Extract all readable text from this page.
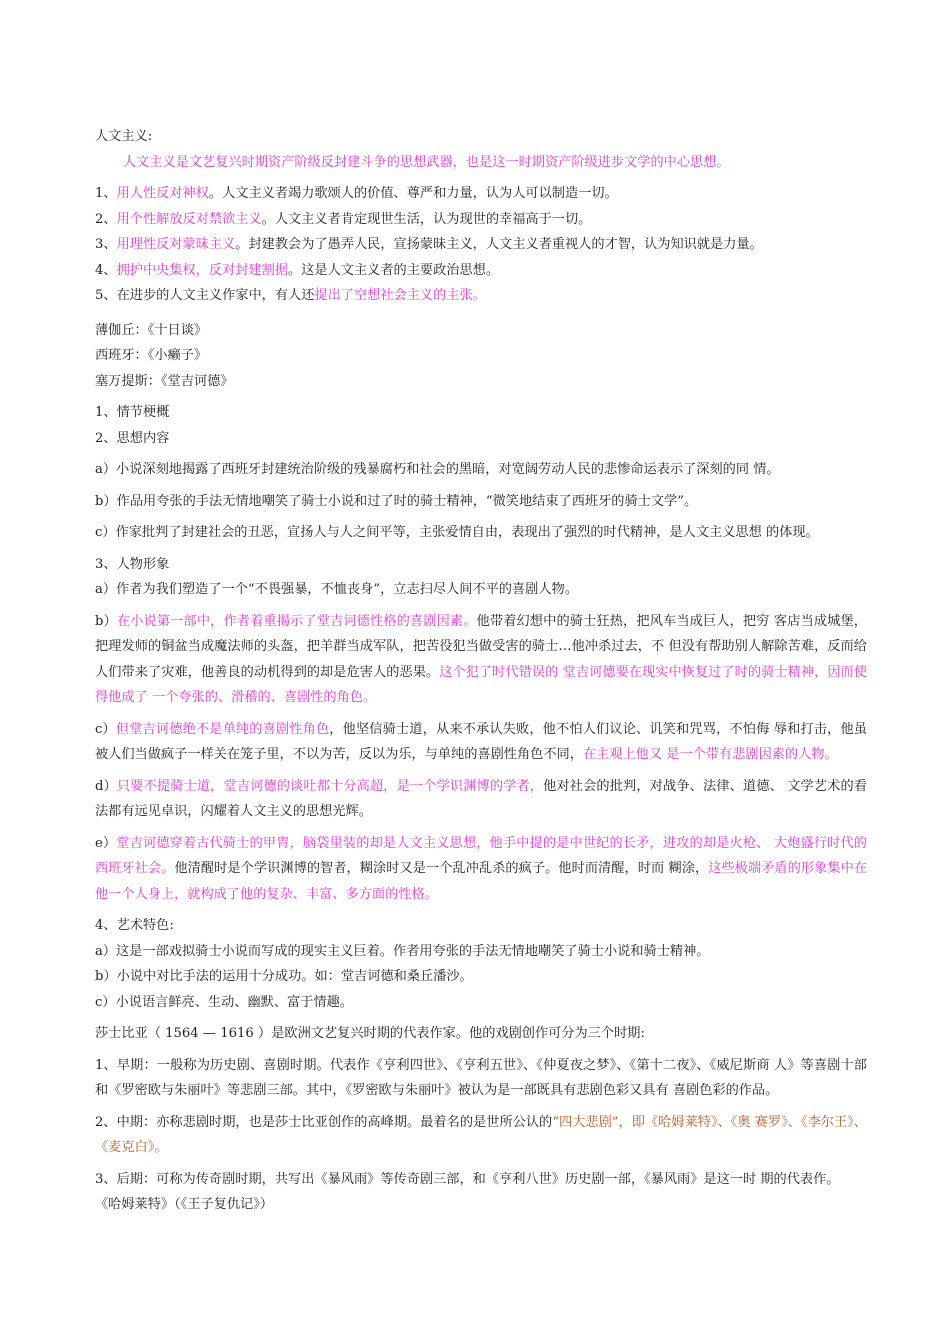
人文主义:

人文主义是文艺复兴时期资产阶级反封建斗争的思想武器，也是这一时期资产阶级进步文学的中心思想。

1、用人性反对神权。人文主义者竭力歌颂人的价值、尊严和力量，认为人可以制造一切。

2、用个性解放反对禁欲主义。人文主义者肯定现世生活，认为现世的幸福高于一切。

3、用理性反对蒙昧主义。封建教会为了愚弄人民，宣扬蒙昧主义，人文主义者重视人的才智，认为知识就是力量。

4、拥护中央集权，反对封建割据。这是人文主义者的主要政治思想。

5、在进步的人文主义作家中，有人还提出了空想社会主义的主张。

薄伽丘：《十日谈》

西班牙：《小癞子》

塞万提斯：《堂吉诃德》

1、情节梗概

2、思想内容

a）小说深刻地揭露了西班牙封建统治阶级的残暴腐朽和社会的黑暗，对宽阔劳动人民的悲惨命运表示了深刻的同 情。

b）作品用夸张的手法无情地嘲笑了骑士小说和过了时的骑士精神，“微笑地结束了西班牙的骑士文学”。

c）作家批判了封建社会的丑恶，宣扬人与人之间平等，主张爱情自由，表现出了强烈的时代精神，是人文主义思想 的体现。

3、人物形象

a）作者为我们塑造了一个“不畏强暴，不恤丧身”，立志扫尽人间不平的喜剧人物。

b）在小说第一部中，作者着重揭示了堂吉诃德性格的喜剧因素。他带着幻想中的骑士狂热，把风车当成巨人，把穷 客店当成城堡，把理发师的铜盆当成魔法师的头盔，把羊群当成军队，把苦役犯当做受害的骑士…他冲杀过去，不 但没有帮助别人解除苦难，反而给人们带来了灾难，他善良的动机得到的却是危害人的恶果。这个犯了时代错误的 堂吉诃德要在现实中恢复过了时的骑士精神，因而使得他成了 一个夸张的、滑稽的、喜剧性的角色。

c）但堂吉诃德绝不是单纯的喜剧性角色，他坚信骑士道，从来不承认失败，他不怕人们议论、讥笑和咒骂，不怕侮 辱和打击，他虽被人们当做疯子一样关在笼子里，不以为苦，反以为乐，与单纯的喜剧性角色不同，在主观上他又 是一个带有悲剧因素的人物。

d）只要不提骑士道，堂吉诃德的谈吐都十分高超，是一个学识渊博的学者，他对社会的批判，对战争、法律、道德、 文学艺术的看法都有远见卓识，闪耀着人文主义的思想光辉。

e）堂吉诃德穿着古代骑士的甲胄，脑袋里装的却是人文主义思想，他手中提的是中世纪的长矛，进攻的却是火枪、 大炮盛行时代的西班牙社会。他清醒时是个学识渊博的智者，糊涂时又是一个乱冲乱杀的疯子。他时而清醒，时而 糊涂，这些极端矛盾的形象集中在他一个人身上，就构成了他的复杂、丰富、多方面的性格。

4、艺术特色:

a）这是一部戏拟骑士小说而写成的现实主义巨着。作者用夸张的手法无情地嘲笑了骑士小说和骑士精神。

b）小说中对比手法的运用十分成功。如：堂吉诃德和桑丘潘沙。

c）小说语言鲜亮、生动、幽默、富于情趣。

莎士比亚（ 1564 — 1616 ）是欧洲文艺复兴时期的代表作家。他的戏剧创作可分为三个时期:

1、早期：一般称为历史剧、喜剧时期。代表作《亨利四世》、《亨利五世》、《仲夏夜之梦》、《第十二夜》、《威尼斯商 人》等喜剧十部和《罗密欧与朱丽叶》等悲剧三部。其中，《罗密欧与朱丽叶》被认为是一部既具有悲剧色彩又具有 喜剧色彩的作品。

2、中期：亦称悲剧时期，也是莎士比亚创作的高峰期。最着名的是世所公认的“四大悲剧”，即《哈姆莱特》、《奥 赛罗》、《李尔王》、《麦克白》。

3、后期：可称为传奇剧时期，共写出《暴风雨》等传奇剧三部，和《亨利八世》历史剧一部，《暴风雨》是这一时 期的代表作。

《哈姆莱特》（《王子复仇记》）
